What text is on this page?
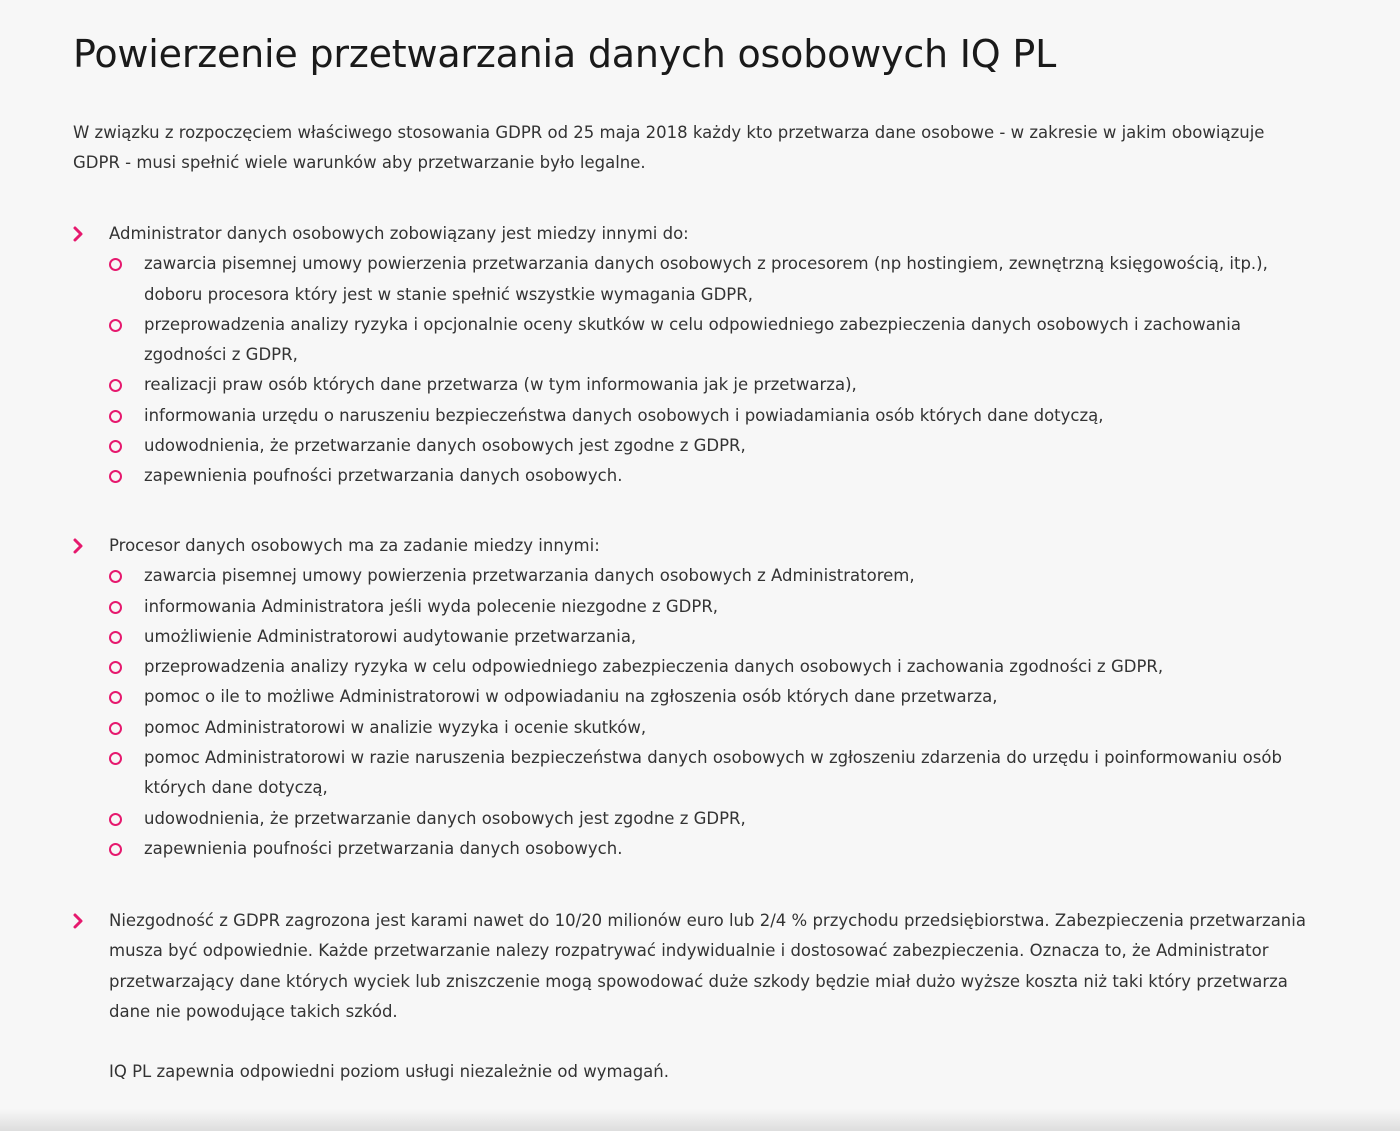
Powierzenie przetwarzania danych osobowych IQ PL

W związku z rozpoczęciem właściwego stosowania GDPR od 25 maja 2018 każdy kto przetwarza dane osobowe - w zakresie w jakim obowiązuje GDPR - musi spełnić wiele warunków aby przetwarzanie było legalne.

Administrator danych osobowych zobowiązany jest miedzy innymi do:

zawarcia pisemnej umowy powierzenia przetwarzania danych osobowych z procesorem (np hostingiem, zewnętrzną księgowością, itp.), doboru procesora który jest w stanie spełnić wszystkie wymagania GDPR,
przeprowadzenia analizy ryzyka i opcjonalnie oceny skutków w celu odpowiedniego zabezpieczenia danych osobowych i zachowania zgodności z GDPR,
realizacji praw osób których dane przetwarza (w tym informowania jak je przetwarza),
informowania urzędu o naruszeniu bezpieczeństwa danych osobowych i powiadamiania osób których dane dotyczą,
udowodnienia, że przetwarzanie danych osobowych jest zgodne z GDPR,
zapewnienia poufności przetwarzania danych osobowych.

Procesor danych osobowych ma za zadanie miedzy innymi:

zawarcia pisemnej umowy powierzenia przetwarzania danych osobowych z Administratorem,
informowania Administratora jeśli wyda polecenie niezgodne z GDPR,
umożliwienie Administratorowi audytowanie przetwarzania,
przeprowadzenia analizy ryzyka w celu odpowiedniego zabezpieczenia danych osobowych i zachowania zgodności z GDPR,
pomoc o ile to możliwe Administratorowi w odpowiadaniu na zgłoszenia osób których dane przetwarza,
pomoc Administratorowi w analizie wyzyka i ocenie skutków,
pomoc Administratorowi w razie naruszenia bezpieczeństwa danych osobowych w zgłoszeniu zdarzenia do urzędu i poinformowaniu osób których dane dotyczą,
udowodnienia, że przetwarzanie danych osobowych jest zgodne z GDPR,
zapewnienia poufności przetwarzania danych osobowych.

Niezgodność z GDPR zagrozona jest karami nawet do 10/20 milionów euro lub 2/4 % przychodu przedsiębiorstwa. Zabezpieczenia przetwarzania musza być odpowiednie. Każde przetwarzanie nalezy rozpatrywać indywidualnie i dostosować zabezpieczenia. Oznacza to, że Administrator przetwarzający dane których wyciek lub zniszczenie mogą spowodować duże szkody będzie miał dużo wyższe koszta niż taki który przetwarza dane nie powodujące takich szkód.

IQ PL zapewnia odpowiedni poziom usługi niezależnie od wymagań.
